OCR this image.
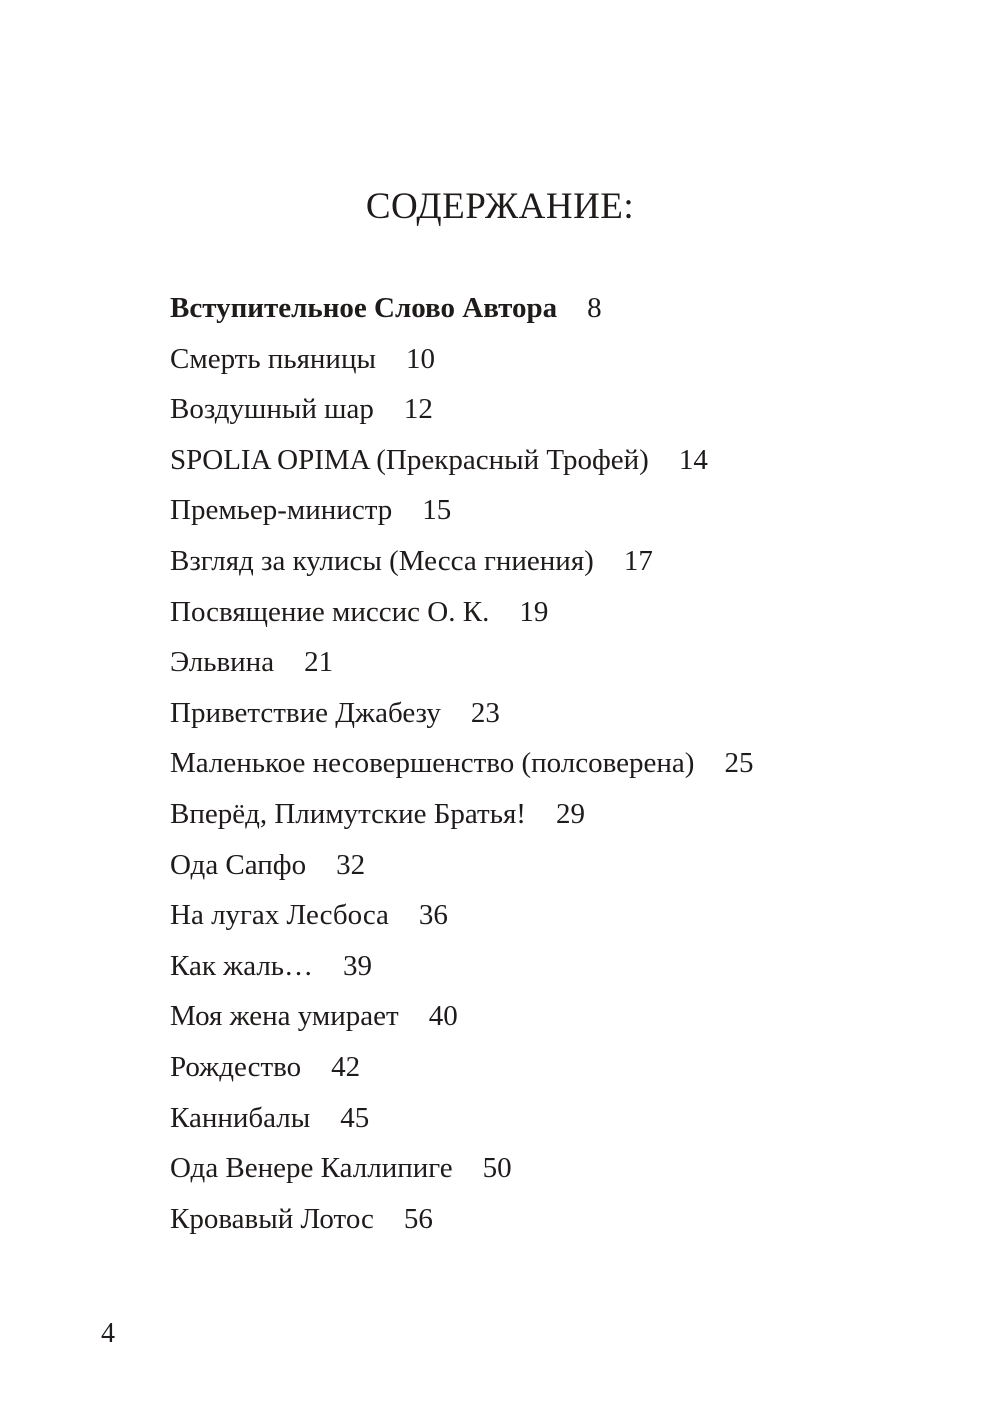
СОДЕРЖАНИЕ:
Вступительное Слово Автора 8
Смерть пьяницы 10
Воздушный шар 12
SPOLIA OPIMA (Прекрасный Трофей) 14
Премьер-министр 15
Взгляд за кулисы (Месса гниения) 17
Посвящение миссис О. К. 19
Эльвина 21
Приветствие Джабезу 23
Маленькое несовершенство (полсоверена) 25
Вперёд, Плимутские Братья! 29
Ода Сапфо 32
На лугах Лесбоса 36
Как жаль… 39
Моя жена умирает 40
Рождество 42
Каннибалы 45
Ода Венере Каллипиге 50
Кровавый Лотос 56
4
